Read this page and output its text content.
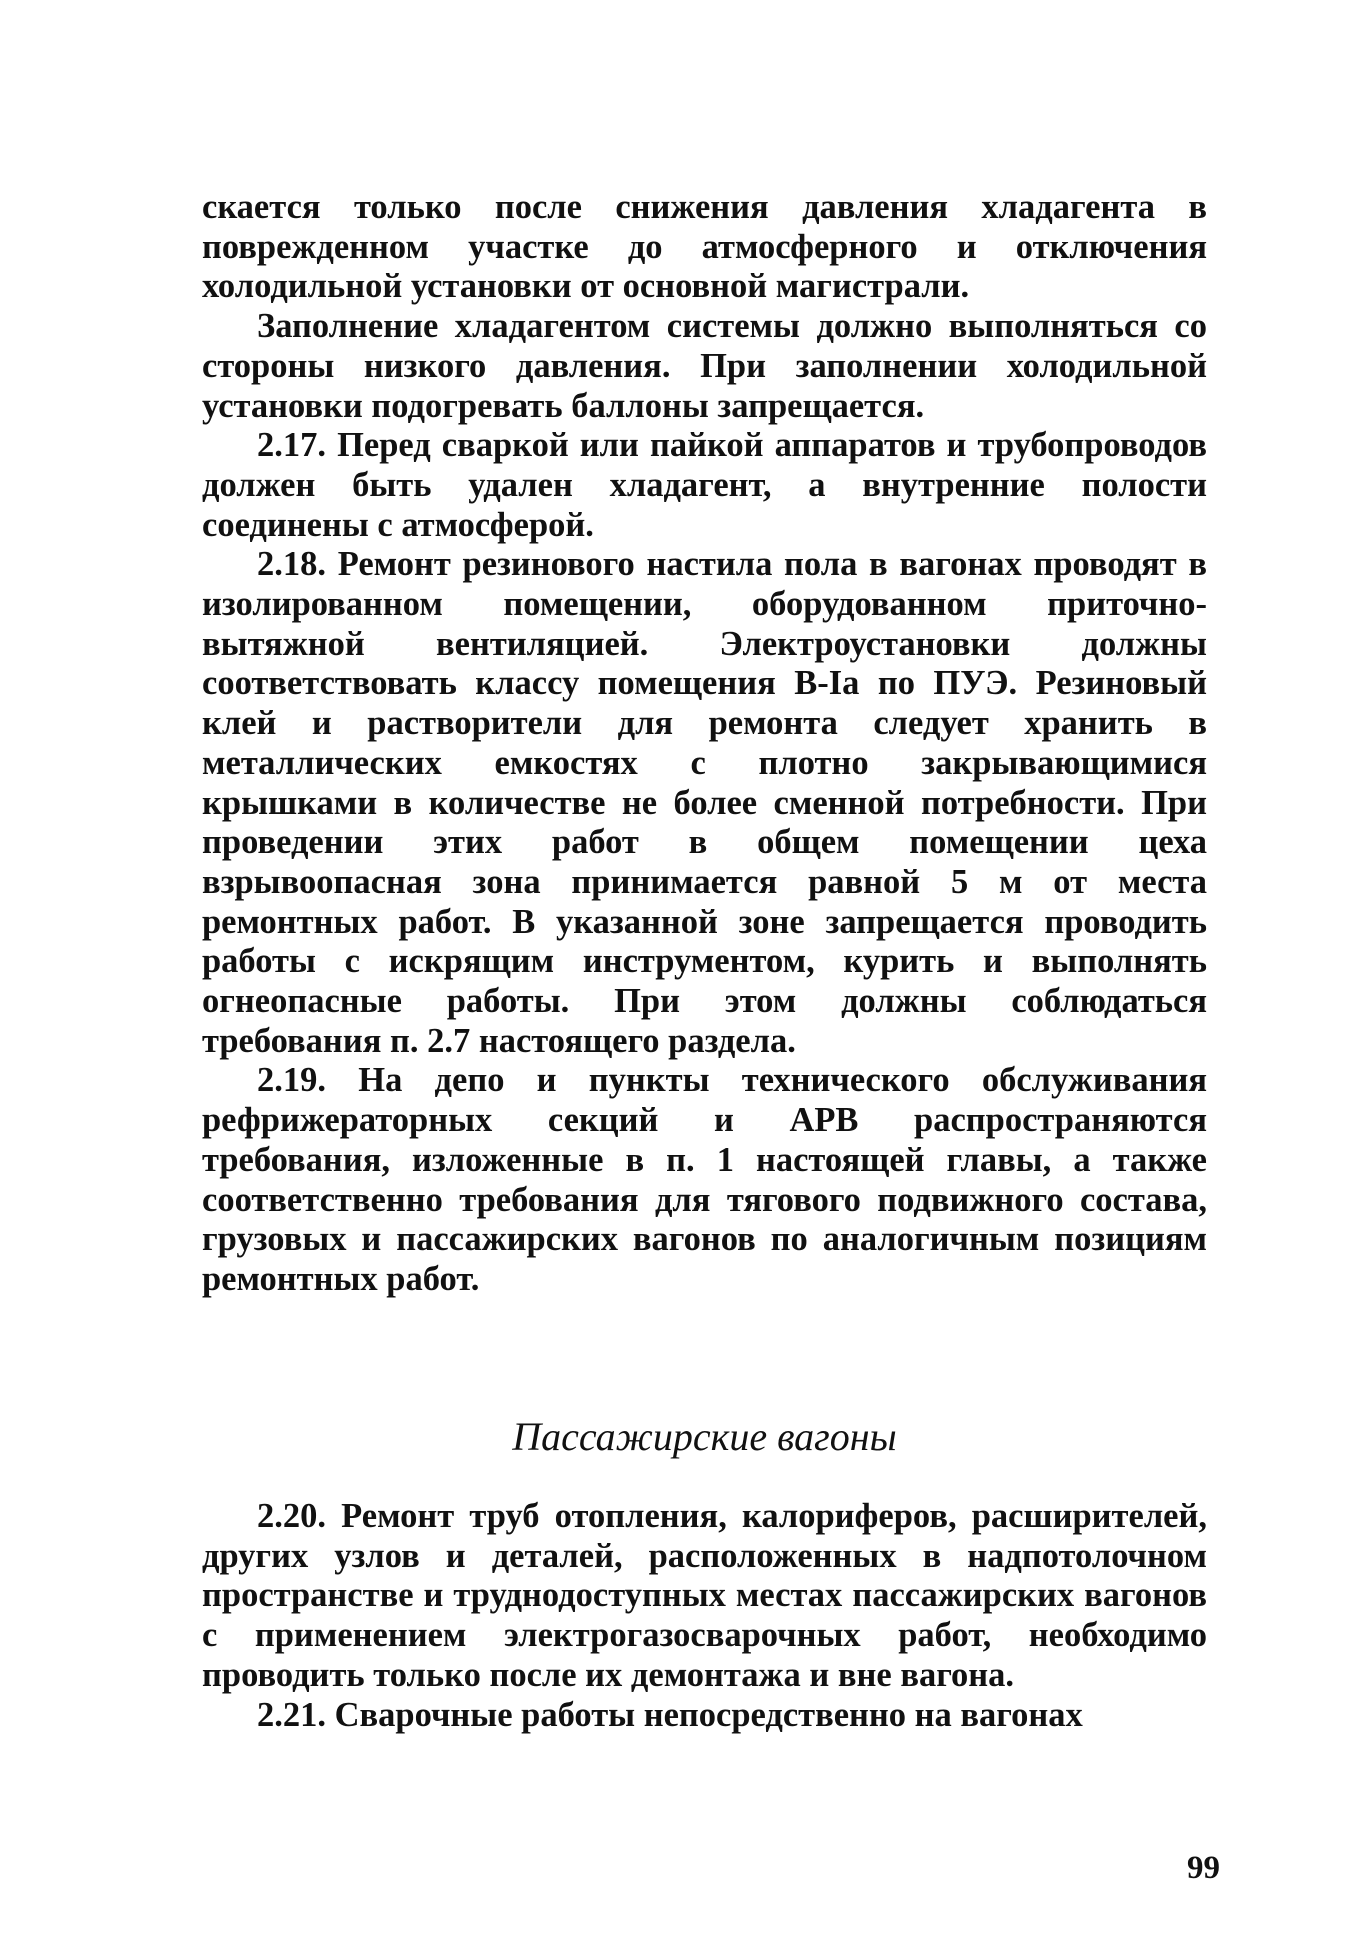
скается только после снижения давления хладагента в поврежденном участке до атмосферного и отключения холодильной установки от основной магистрали.

Заполнение хладагентом системы должно выполняться со стороны низкого давления. При заполнении холодильной установки подогревать баллоны запрещается.

2.17. Перед сваркой или пайкой аппаратов и трубопроводов должен быть удален хладагент, а внутренние полости соединены с атмосферой.

2.18. Ремонт резинового настила пола в вагонах проводят в изолированном помещении, оборудованном приточно-вытяжной вентиляцией. Электроустановки должны соответствовать классу помещения В-Iа по ПУЭ. Резиновый клей и растворители для ремонта следует хранить в металлических емкостях с плотно закрывающимися крышками в количестве не более сменной потребности. При проведении этих работ в общем помещении цеха взрывоопасная зона принимается равной 5 м от места ремонтных работ. В указанной зоне запрещается проводить работы с искрящим инструментом, курить и выполнять огнеопасные работы. При этом должны соблюдаться требования п. 2.7 настоящего раздела.

2.19. На депо и пункты технического обслуживания рефрижераторных секций и АРВ распространяются требования, изложенные в п. 1 настоящей главы, а также соответственно требования для тягового подвижного состава, грузовых и пассажирских вагонов по аналогичным позициям ремонтных работ.

Пассажирские вагоны

2.20. Ремонт труб отопления, калориферов, расширителей, других узлов и деталей, расположенных в надпотолочном пространстве и труднодоступных местах пассажирских вагонов с применением электрогазосварочных работ, необходимо проводить только после их демонтажа и вне вагона.

2.21. Сварочные работы непосредственно на вагонах

99
